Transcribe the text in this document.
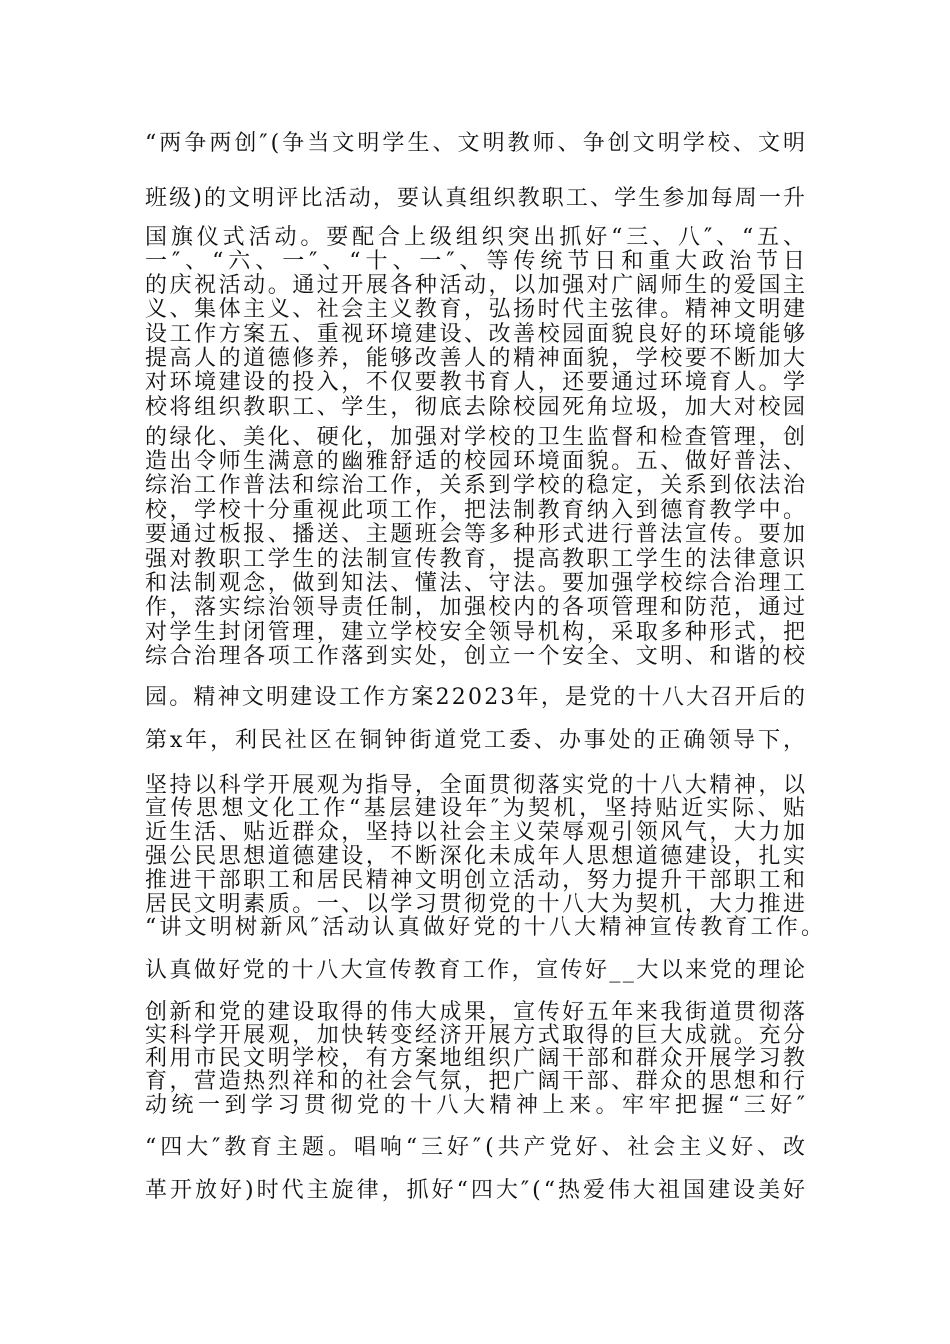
“两争两创″(争当文明学生、文明教师、争创文明学校、文明
班级)的文明评比活动，要认真组织教职工、学生参加每周一升
国旗仪式活动。要配合上级组织突出抓好“三、八″、“五、
一″、“六、一″、“十、一″、等传统节日和重大政治节日
的庆祝活动。通过开展各种活动，以加强对广阔师生的爱国主
义、集体主义、社会主义教育，弘扬时代主弦律。精神文明建
设工作方案五、重视环境建设、改善校园面貌良好的环境能够
提高人的道德修养，能够改善人的精神面貌，学校要不断加大
对环境建设的投入，不仅要教书育人，还要通过环境育人。学
校将组织教职工、学生，彻底去除校园死角垃圾，加大对校园
的绿化、美化、硬化，加强对学校的卫生监督和检查管理，创
造出令师生满意的幽雅舒适的校园环境面貌。五、做好普法、
综治工作普法和综治工作，关系到学校的稳定，关系到依法治
校，学校十分重视此项工作，把法制教育纳入到德育教学中。
要通过板报、播送、主题班会等多种形式进行普法宣传。要加
强对教职工学生的法制宣传教育，提高教职工学生的法律意识
和法制观念，做到知法、懂法、守法。要加强学校综合治理工
作，落实综治领导责任制，加强校内的各项管理和防范，通过
对学生封闭管理，建立学校安全领导机构，采取多种形式，把
综合治理各项工作落到实处，创立一个安全、文明、和谐的校
园。精神文明建设工作方案22023年，是党的十八大召开后的
第x年，利民社区在铜钟街道党工委、办事处的正确领导下，
坚持以科学开展观为指导，全面贯彻落实党的十八大精神，以
宣传思想文化工作“基层建设年″为契机，坚持贴近实际、贴
近生活、贴近群众，坚持以社会主义荣辱观引领风气，大力加
强公民思想道德建设，不断深化未成年人思想道德建设，扎实
推进干部职工和居民精神文明创立活动，努力提升干部职工和
居民文明素质。一、以学习贯彻党的十八大为契机，大力推进
“讲文明树新风″活动认真做好党的十八大精神宣传教育工作。
认真做好党的十八大宣传教育工作，宣传好__大以来党的理论
创新和党的建设取得的伟大成果，宣传好五年来我街道贯彻落
实科学开展观，加快转变经济开展方式取得的巨大成就。充分
利用市民文明学校，有方案地组织广阔干部和群众开展学习教
育，营造热烈祥和的社会气氛，把广阔干部、群众的思想和行
动统一到学习贯彻党的十八大精神上来。牢牢把握“三好″
“四大″教育主题。唱响“三好″(共产党好、社会主义好、改
革开放好)时代主旋律，抓好“四大″(“热爱伟大祖国建设美好
